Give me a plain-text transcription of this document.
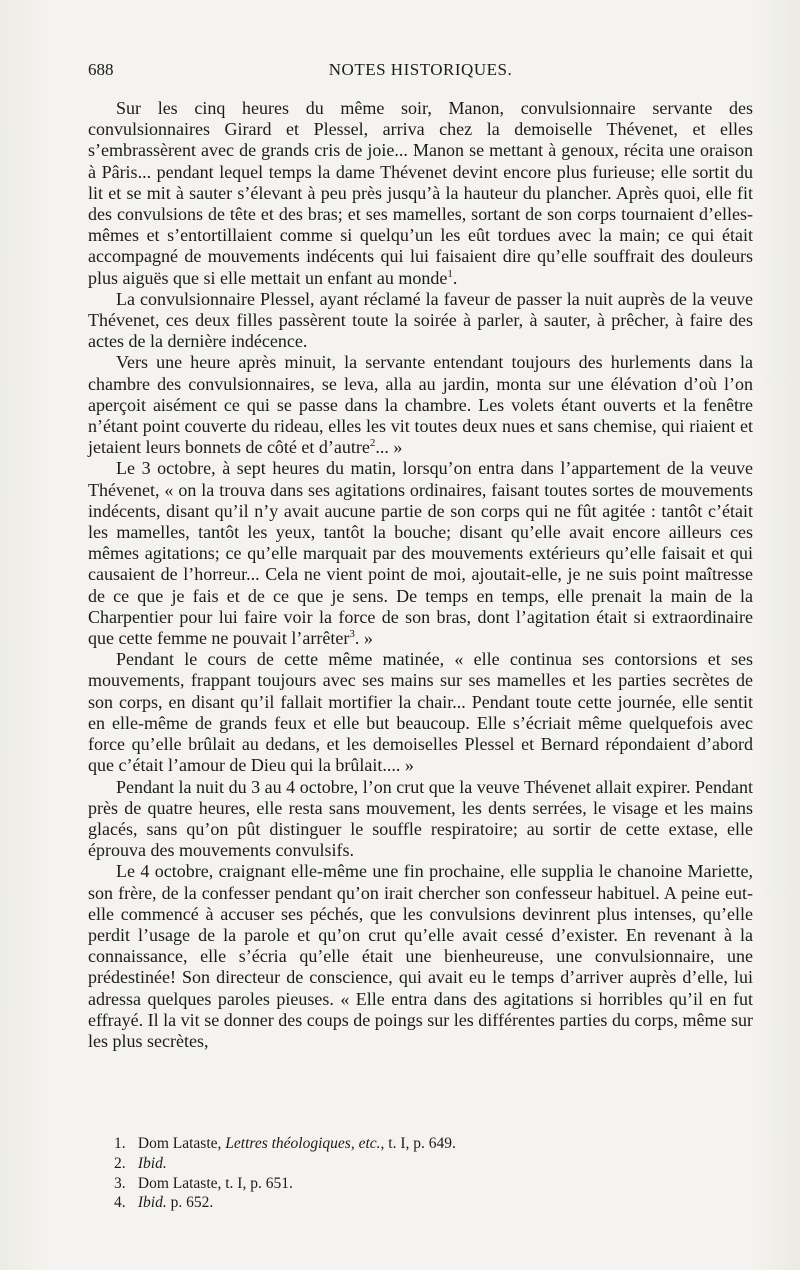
688	NOTES HISTORIQUES.

Sur les cinq heures du même soir, Manon, convulsionnaire servante des convulsionnaires Girard et Plessel, arriva chez la demoiselle Thévenet, et elles s’embrassèrent avec de grands cris de joie... Manon se mettant à genoux, récita une oraison à Pâris... pendant lequel temps la dame Thévenet devint encore plus furieuse; elle sortit du lit et se mit à sauter s’élevant à peu près jusqu’à la hauteur du plancher. Après quoi, elle fit des convulsions de tête et des bras; et ses mamelles, sortant de son corps tournaient d’elles-mêmes et s’entortillaient comme si quelqu’un les eût tordues avec la main; ce qui était accompagné de mouvements indécents qui lui faisaient dire qu’elle souffrait des douleurs plus aiguës que si elle mettait un enfant au monde$^1$.

La convulsionnaire Plessel, ayant réclamé la faveur de passer la nuit auprès de la veuve Thévenet, ces deux filles passèrent toute la soirée à parler, à sauter, à prêcher, à faire des actes de la dernière indécence.

Vers une heure après minuit, la servante entendant toujours des hurlements dans la chambre des convulsionnaires, se leva, alla au jardin, monta sur une élévation d’où l’on aperçoit aisément ce qui se passe dans la chambre. Les volets étant ouverts et la fenêtre n’étant point couverte du rideau, elles les vit toutes deux nues et sans chemise, qui riaient et jetaient leurs bonnets de côté et d’autre$^2$... »

Le 3 octobre, à sept heures du matin, lorsqu’on entra dans l’appartement de la veuve Thévenet, « on la trouva dans ses agitations ordinaires, faisant toutes sortes de mouvements indécents, disant qu’il n’y avait aucune partie de son corps qui ne fût agitée : tantôt c’était les mamelles, tantôt les yeux, tantôt la bouche; disant qu’elle avait encore ailleurs ces mêmes agitations; ce qu’elle marquait par des mouvements extérieurs qu’elle faisait et qui causaient de l’horreur... Cela ne vient point de moi, ajoutait-elle, je ne suis point maîtresse de ce que je fais et de ce que je sens. De temps en temps, elle prenait la main de la Charpentier pour lui faire voir la force de son bras, dont l’agitation était si extraordinaire que cette femme ne pouvait l’arrêter$^3$. »

Pendant le cours de cette même matinée, « elle continua ses contorsions et ses mouvements, frappant toujours avec ses mains sur ses mamelles et les parties secrètes de son corps, en disant qu’il fallait mortifier la chair... Pendant toute cette journée, elle sentit en elle-même de grands feux et elle but beaucoup. Elle s’écriait même quelquefois avec force qu’elle brûlait au dedans, et les demoiselles Plessel et Bernard répondaient d’abord que c’était l’amour de Dieu qui la brûlait.... »

Pendant la nuit du 3 au 4 octobre, l’on crut que la veuve Thévenet allait expirer. Pendant près de quatre heures, elle resta sans mouvement, les dents serrées, le visage et les mains glacés, sans qu’on pût distinguer le souffle respiratoire; au sortir de cette extase, elle éprouva des mouvements convulsifs.

Le 4 octobre, craignant elle-même une fin prochaine, elle supplia le chanoine Mariette, son frère, de la confesser pendant qu’on irait chercher son confesseur habituel. A peine eut-elle commencé à accuser ses péchés, que les convulsions devinrent plus intenses, qu’elle perdit l’usage de la parole et qu’on crut qu’elle avait cessé d’exister. En revenant à la connaissance, elle s’écria qu’elle était une bienheureuse, une convulsionnaire, une prédestinée! Son directeur de conscience, qui avait eu le temps d’arriver auprès d’elle, lui adressa quelques paroles pieuses. « Elle entra dans des agitations si horribles qu’il en fut effrayé. Il la vit se donner des coups de poings sur les différentes parties du corps, même sur les plus secrètes,

1. Dom Lataste, Lettres théologiques, etc., t. I, p. 649.
2. Ibid.
3. Dom Lataste, t. I, p. 651.
4. Ibid. p. 652.
